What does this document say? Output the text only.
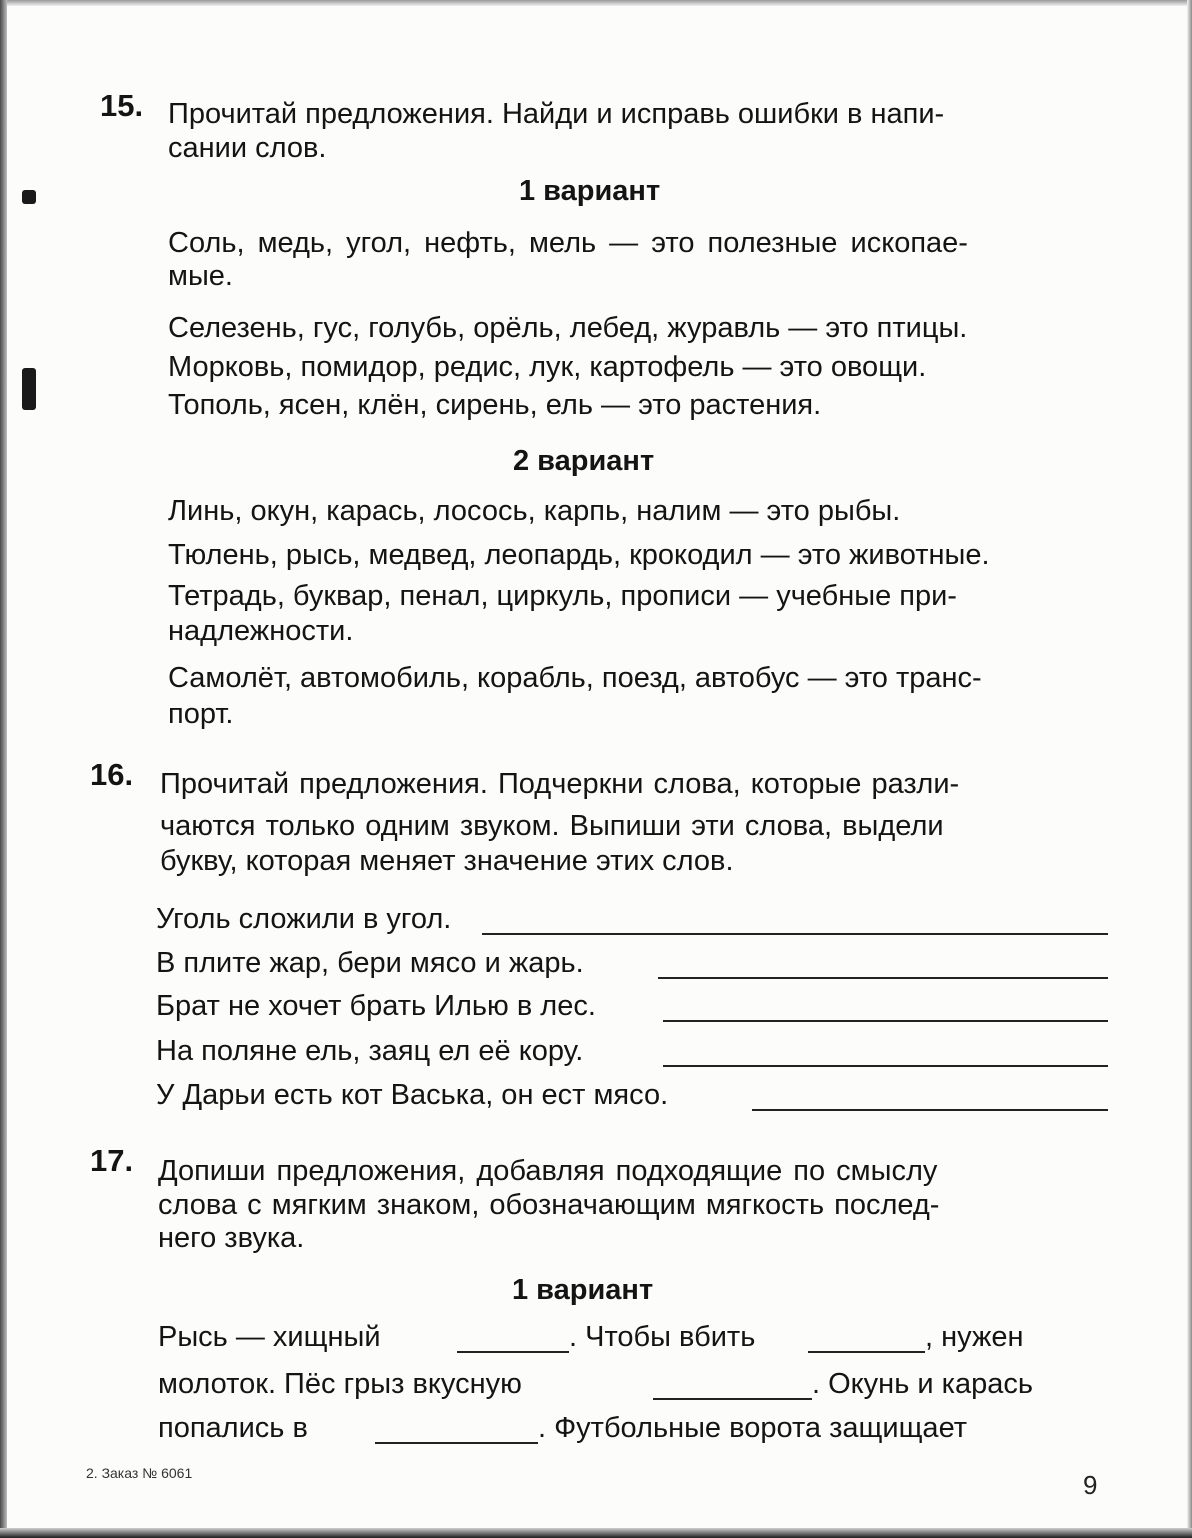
15. Прочитай предложения. Найди и исправь ошибки в напи-

сании слов.

1 вариант

Соль, медь, угол, нефть, мель — это полезные ископае-

мые.

Селезень, гус, голубь, орёль, лебед, журавль — это птицы.

Морковь, помидор, редис, лук, картофель — это овощи.

Тополь, ясен, клён, сирень, ель — это растения.

2 вариант

Линь, окун, карась, лосось, карпь, налим — это рыбы.

Тюлень, рысь, медвед, леопардь, крокодил — это животные.

Тетрадь, буквар, пенал, циркуль, прописи — учебные при-

надлежности.

Самолёт, автомобиль, корабль, поезд, автобус — это транс-

порт.

16. Прочитай предложения. Подчеркни слова, которые разли-

чаются только одним звуком. Выпиши эти слова, выдели

букву, которая меняет значение этих слов.

Уголь сложили в угол.

В плите жар, бери мясо и жарь.

Брат не хочет брать Илью в лес.

На поляне ель, заяц ел её кору.

У Дарьи есть кот Васька, он ест мясо.

17. Допиши предложения, добавляя подходящие по смыслу

слова с мягким знаком, обозначающим мягкость послед-

него звука.

1 вариант

Рысь — хищный	. Чтобы вбить	, нужен

молоток. Пёс грыз вкусную	. Окунь и карась

попались в	. Футбольные ворота защищает

2. Заказ № 6061	9
